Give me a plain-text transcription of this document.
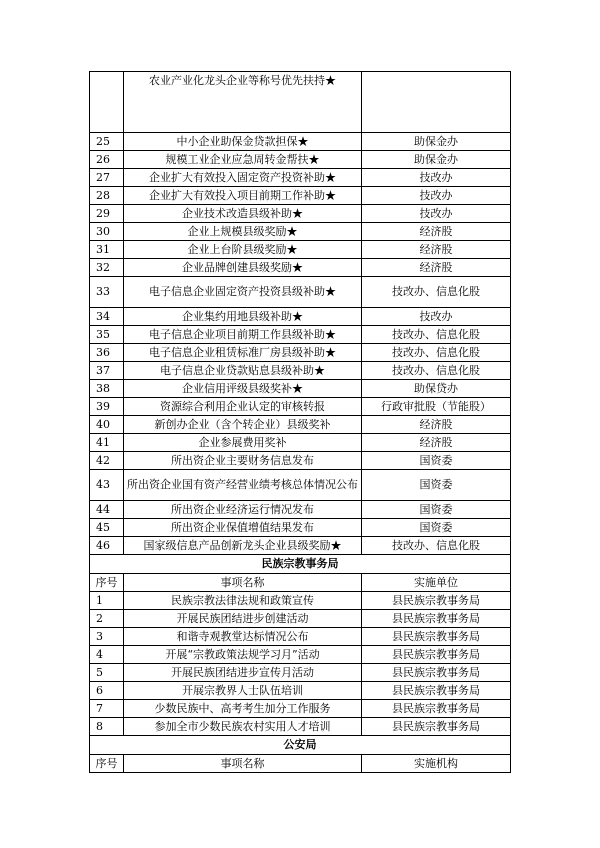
	农业产业化龙头企业等称号优先扶持★	
25	中小企业助保金贷款担保★	助保金办
26	规模工业企业应急周转金帮扶★	助保金办
27	企业扩大有效投入固定资产投资补助★	技改办
28	企业扩大有效投入项目前期工作补助★	技改办
29	企业技术改造县级补助★	技改办
30	企业上规模县级奖励★	经济股
31	企业上台阶县级奖励★	经济股
32	企业品牌创建县级奖励★	经济股
33	电子信息企业固定资产投资县级补助★	技改办、信息化股
34	企业集约用地县级补助★	技改办
35	电子信息企业项目前期工作县级补助★	技改办、信息化股
36	电子信息企业租赁标准厂房县级补助★	技改办、信息化股
37	电子信息企业贷款贴息县级补助★	技改办、信息化股
38	企业信用评级县级奖补★	助保贷办
39	资源综合利用企业认定的审核转报	行政审批股（节能股）
40	新创办企业（含个转企业）县级奖补	经济股
41	企业参展费用奖补	经济股
42	所出资企业主要财务信息发布	国资委
43	所出资企业国有资产经营业绩考核总体情况公布	国资委
44	所出资企业经济运行情况发布	国资委
45	所出资企业保值增值结果发布	国资委
46	国家级信息产品创新龙头企业县级奖励★	技改办、信息化股
民族宗教事务局		
序号	事项名称	实施单位
1	民族宗教法律法规和政策宣传	县民族宗教事务局
2	开展民族团结进步创建活动	县民族宗教事务局
3	和谐寺观教堂达标情况公布	县民族宗教事务局
4	开展“宗教政策法规学习月”活动	县民族宗教事务局
5	开展民族团结进步宣传月活动	县民族宗教事务局
6	开展宗教界人士队伍培训	县民族宗教事务局
7	少数民族中、高考考生加分工作服务	县民族宗教事务局
8	参加全市少数民族农村实用人才培训	县民族宗教事务局
公安局		
序号	事项名称	实施机构
